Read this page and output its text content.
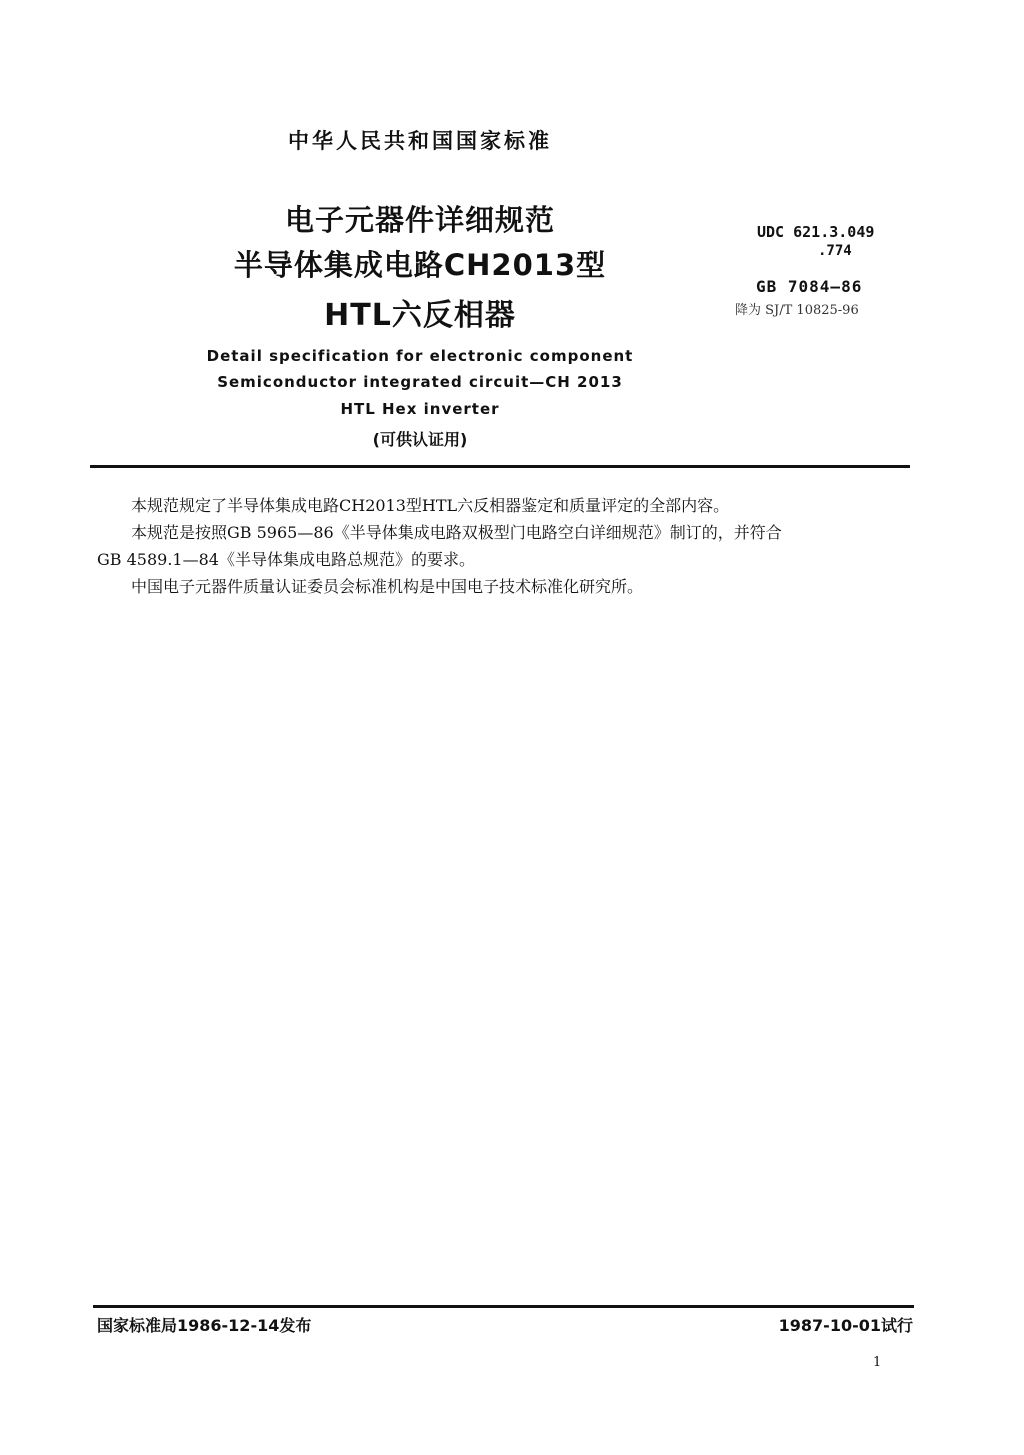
中华人民共和国国家标准
电子元器件详细规范
半导体集成电路CH2013型
HTL六反相器
UDC 621.3.049
.774
GB 7084—86
降为 SJ/T 10825-96
Detail specification for electronic component
Semiconductor integrated circuit—CH 2013
HTL Hex inverter
(可供认证用)
本规范规定了半导体集成电路CH2013型HTL六反相器鉴定和质量评定的全部内容。
本规范是按照GB 5965—86《半导体集成电路双极型门电路空白详细规范》制订的，并符合
GB 4589.1—84《半导体集成电路总规范》的要求。
中国电子元器件质量认证委员会标准机构是中国电子技术标准化研究所。
国家标准局1986-12-14发布	1987-10-01试行
1
